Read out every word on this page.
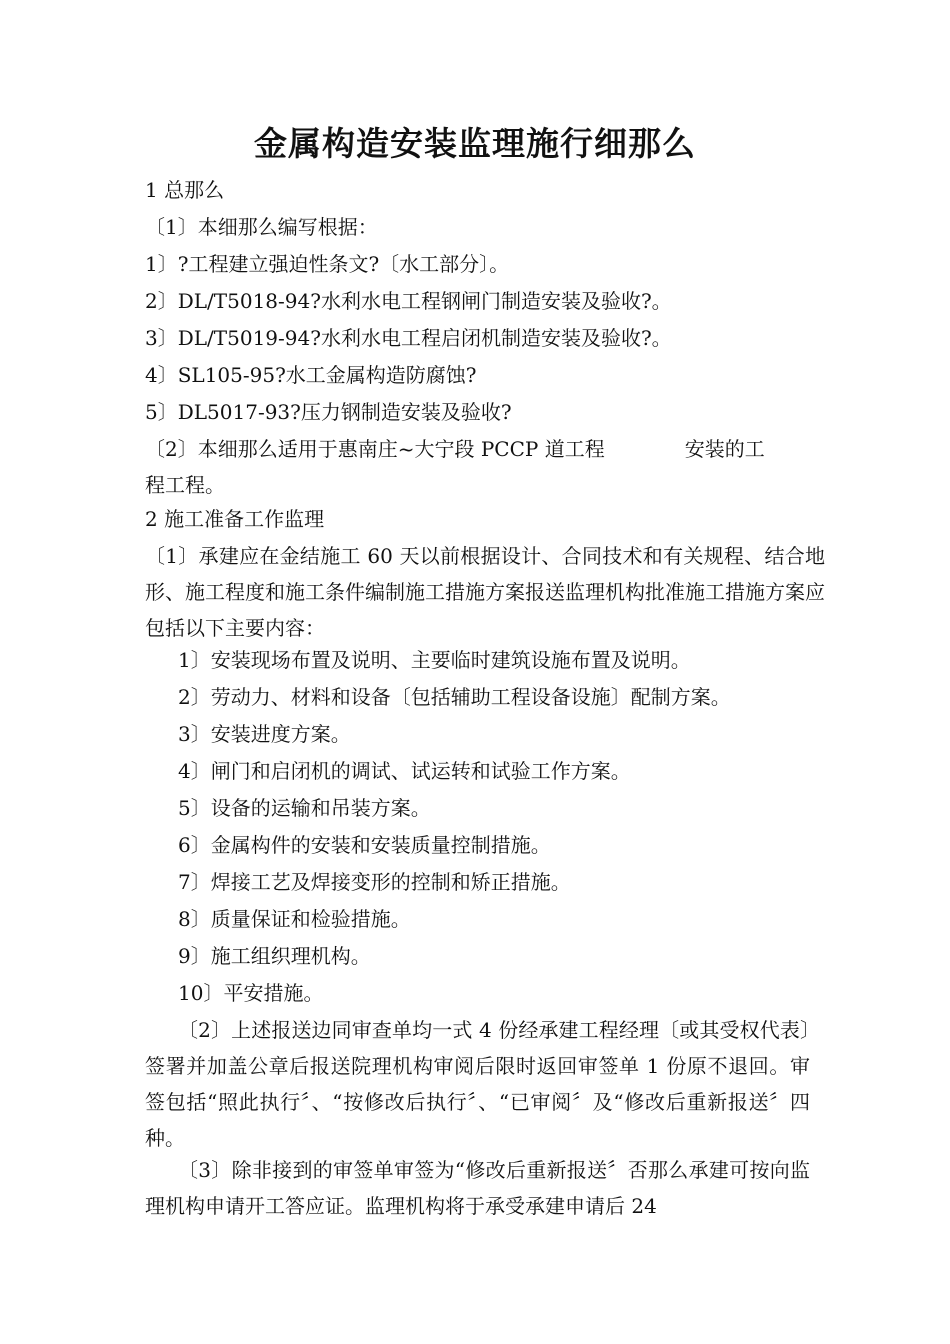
金属构造安装监理施行细那么
1 总那么
〔1〕本细那么编写根据：
1〕?工程建立强迫性条文?〔水工部分〕。
2〕DL/T5018-94?水利水电工程钢闸门制造安装及验收?。
3〕DL/T5019-94?水利水电工程启闭机制造安装及验收?。
4〕SL105-95?水工金属构造防腐蚀?
5〕DL5017-93?压力钢制造安装及验收?
〔2〕本细那么适用于惠南庄~大宁段 PCCP 道工程	安装的工
程工程。
2 施工准备工作监理
〔1〕承建应在金结施工 60 天以前根据设计、合同技术和有关规程、结合地形、施工程度和施工条件编制施工措施方案报送监理机构批准施工措施方案应包括以下主要内容：
1〕安装现场布置及说明、主要临时建筑设施布置及说明。
2〕劳动力、材料和设备〔包括辅助工程设备设施〕配制方案。
3〕安装进度方案。
4〕闸门和启闭机的调试、试运转和试验工作方案。
5〕设备的运输和吊装方案。
6〕金属构件的安装和安装质量控制措施。
7〕焊接工艺及焊接变形的控制和矫正措施。
8〕质量保证和检验措施。
9〕施工组织理机构。
10〕平安措施。
〔2〕上述报送边同审查单均一式 4 份经承建工程经理〔或其受权代表〕签署并加盖公章后报送院理机构审阅后限时返回审签单 1 份原不退回。审签包括“照此执行〞、“按修改后执行〞、“已审阅〞及“修改后重新报送〞四种。
〔3〕除非接到的审签单审签为“修改后重新报送〞否那么承建可按向监理机构申请开工答应证。监理机构将于承受承建申请后 24
